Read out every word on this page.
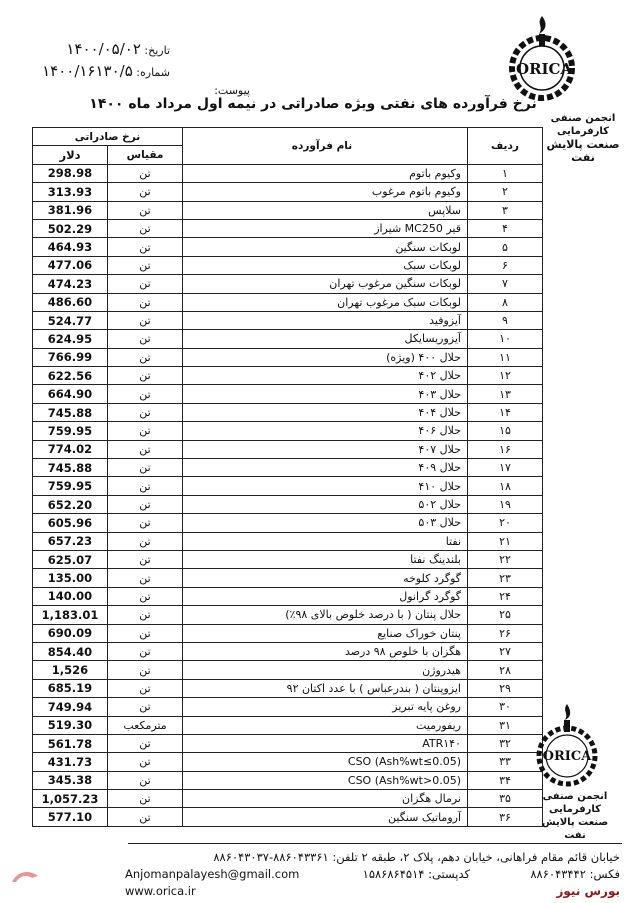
تاریخ: ۱۴۰۰/۰۵/۰۲
شماره: ۱۴۰۰/۱۶۱۳۰/۵
پیوست:
ORICA
انجمن صنفی کارفرمایی
صنعت پالایش نفت
نرخ فرآورده های نفتی ویژه صادراتی در نیمه اول مرداد ماه ۱۴۰۰
نرخ صادراتی		نام فرآورده	ردیف
دلار	مقیاس		
298.98	تن	وکیوم باتوم	۱
313.93	تن	وکیوم باتوم مرغوب	۲
381.96	تن	سلاپس	۳
502.29	تن	قیر MC250 شیراز	۴
464.93	تن	لوبکات سنگین	۵
477.06	تن	لوبکات سبک	۶
474.23	تن	لوبکات سنگین مرغوب تهران	۷
486.60	تن	لوبکات سبک مرغوب تهران	۸
524.77	تن	آیزوفید	۹
624.95	تن	آیزوریسایکل	۱۰
766.99	تن	حلال ۴۰۰ (ویژه)	۱۱
622.56	تن	حلال ۴۰۲	۱۲
664.90	تن	حلال ۴۰۳	۱۳
745.88	تن	حلال ۴۰۴	۱۴
759.95	تن	حلال ۴۰۶	۱۵
774.02	تن	حلال ۴۰۷	۱۶
745.88	تن	حلال ۴۰۹	۱۷
759.95	تن	حلال ۴۱۰	۱۸
652.20	تن	حلال ۵۰۲	۱۹
605.96	تن	حلال ۵۰۳	۲۰
657.23	تن	نفتا	۲۱
625.07	تن	بلندینگ نفتا	۲۲
135.00	تن	گوگرد کلوخه	۲۳
140.00	تن	گوگرد گرانول	۲۴
1,183.01	تن	حلال پنتان ( با درصد خلوص بالای ۹۸٪)	۲۵
690.09	تن	پنتان خوراک صنایع	۲۶
854.40	تن	هگزان با خلوص ۹۸ درصد	۲۷
1,526	تن	هیدروژن	۲۸
685.19	تن	ایزوپنتان ( بندرعباس ) با عدد اکتان ۹۲	۲۹
749.94	تن	روغن پایه تبریز	۳۰
519.30	مترمکعب	ریفورمیت	۳۱
561.78	تن	ATR۱۴۰	۳۲
431.73	تن	CSO (Ash%wt≤0.05)	۳۳
345.38	تن	CSO (Ash%wt>0.05)	۳۴
1,057.23	تن	نرمال هگزان	۳۵
577.10	تن	آروماتیک سنگین	۳۶
ORICA
انجمن صنفی کارفرمایی
صنعت پالایش نفت
خیابان قائم مقام فراهانی، خیابان دهم، پلاک ۲، طبقه ۲ تلفن: ۸۸۶۰۴۳۳۶۱-۸۸۶۰۴۳۰۳۷
Anjomanpalayesh@gmail.com	کدپستی: ۱۵۸۶۸۶۴۵۱۴	فکس: ۸۸۶۰۴۳۴۴۲
www.orica.ir	بورس نیوز
